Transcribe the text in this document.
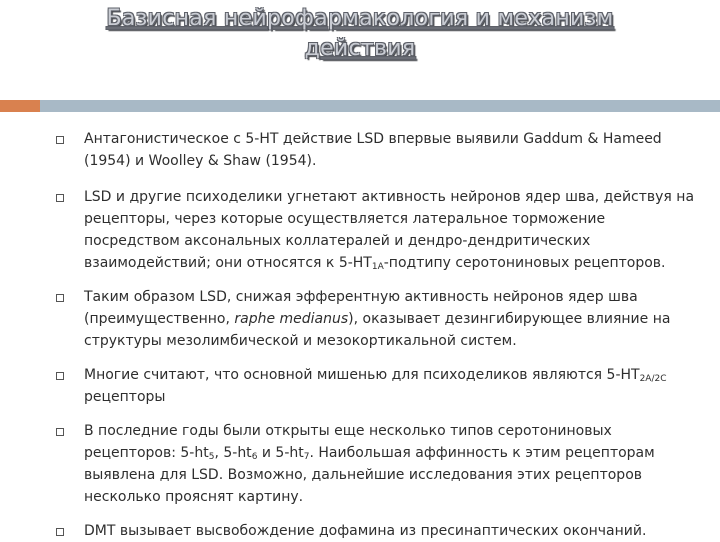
Базисная нейрофармакология и механизм
действия
Антагонистическое с 5-HT действие LSD впервые выявили Gaddum & Hameed (1954) и Woolley & Shaw (1954).
LSD и другие психоделики угнетают активность нейронов ядер шва, действуя на рецепторы, через которые осуществляется латеральное торможение посредством аксональных коллатералей и дендро-дендритических взаимодействий; они относятся к $5-HT_{1A}$-подтипу серотониновых рецепторов.
Таким образом LSD, снижая эфферентную активность нейронов ядер шва (преимущественно, raphe medianus), оказывает дезингибирующее влияние на структуры мезолимбической и мезокортикальной систем.
Многие считают, что основной мишенью для психоделиков являются $5-HT_{2A/2C}$ рецепторы
В последние годы были открыты еще несколько типов серотониновых рецепторов: $5-ht_5$, $5-ht_6$ и $5-ht_7$. Наибольшая аффинность к этим рецепторам выявлена для LSD. Возможно, дальнейшие исследования этих рецепторов несколько прояснят картину.
DMT вызывает высвобождение дофамина из пресинаптических окончаний.
